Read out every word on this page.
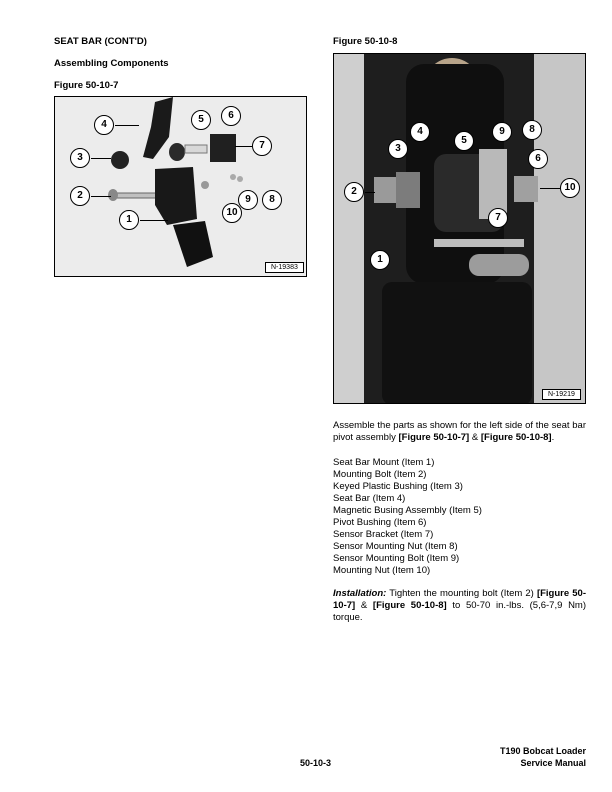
SEAT BAR (CONT'D)
Assembling Components
Figure 50-10-7
4	5	6
7
3
2	9	8
10
1
N-19383
Figure 50-10-8
4	9	8
3
5
6
2	10
7
1
N-19219
Assemble the parts as shown for the left side of the seat bar pivot assembly [Figure 50-10-7] & [Figure 50-10-8].
Seat Bar Mount (Item 1)
Mounting Bolt (Item 2)
Keyed Plastic Bushing (Item 3)
Seat Bar (Item 4)
Magnetic Busing Assembly (Item 5)
Pivot Bushing (Item 6)
Sensor Bracket (Item 7)
Sensor Mounting Nut (Item 8)
Sensor Mounting Bolt (Item 9)
Mounting Nut (Item 10)
Installation: Tighten the mounting bolt (Item 2) [Figure 50-10-7] & [Figure 50-10-8] to 50-70 in.-lbs. (5,6-7,9 Nm) torque.
50-10-3
T190 Bobcat Loader
Service Manual
